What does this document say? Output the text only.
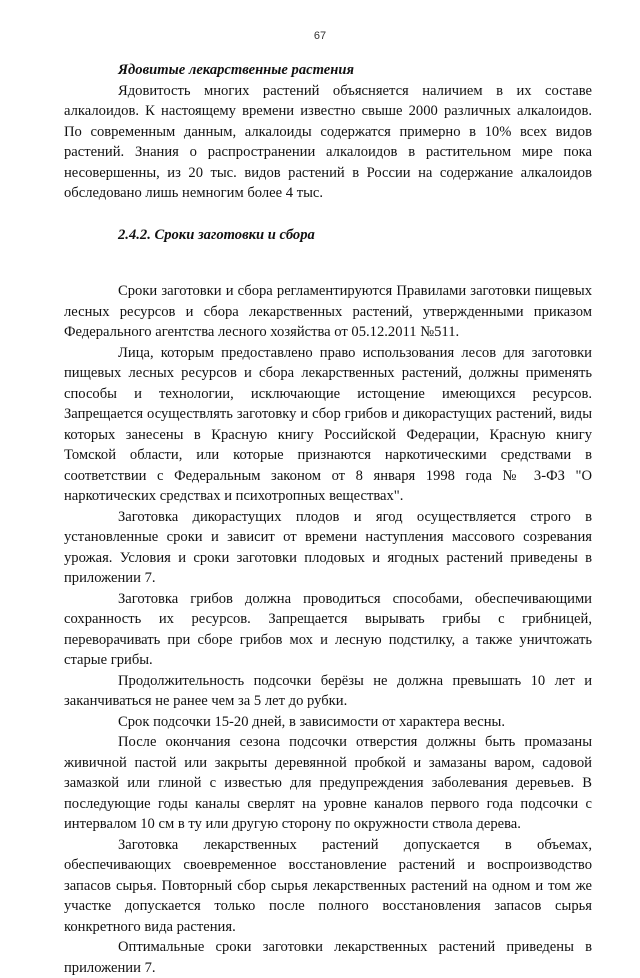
67
Ядовитые лекарственные растения

Ядовитость многих растений объясняется наличием в их составе алкалоидов. К настоящему времени известно свыше 2000 различных алкалоидов. По современным данным, алкалоиды содержатся примерно в 10% всех видов растений. Знания о распространении алкалоидов в растительном мире пока несовершенны, из 20 тыс. видов растений в России на содержание алкалоидов обследовано лишь немногим более 4 тыс.

2.4.2. Сроки заготовки и сбора

Сроки заготовки и сбора регламентируются Правилами заготовки пищевых лесных ресурсов и сбора лекарственных растений, утвержденными приказом Федерального агентства лесного хозяйства от 05.12.2011 №511.

Лица, которым предоставлено право использования лесов для заготовки пищевых лесных ресурсов и сбора лекарственных растений, должны применять способы и технологии, исключающие истощение имеющихся ресурсов. Запрещается осуществлять заготовку и сбор грибов и дикорастущих растений, виды которых занесены в Красную книгу Российской Федерации, Красную книгу Томской области, или которые признаются наркотическими средствами в соответствии с Федеральным законом от 8 января 1998 года № 3-ФЗ "О наркотических средствах и психотропных веществах".

Заготовка дикорастущих плодов и ягод осуществляется строго в установленные сроки и зависит от времени наступления массового созревания урожая. Условия и сроки заготовки плодовых и ягодных растений приведены в приложении 7.

Заготовка грибов должна проводиться способами, обеспечивающими сохранность их ресурсов. Запрещается вырывать грибы с грибницей, переворачивать при сборе грибов мох и лесную подстилку, а также уничтожать старые грибы.

Продолжительность подсочки берёзы не должна превышать 10 лет и заканчиваться не ранее чем за 5 лет до рубки.

Срок подсочки 15-20 дней, в зависимости от характера весны.

После окончания сезона подсочки отверстия должны быть промазаны живичной пастой или закрыты деревянной пробкой и замазаны варом, садовой замазкой или глиной с известью для предупреждения заболевания деревьев. В последующие годы каналы сверлят на уровне каналов первого года подсочки с интервалом 10 см в ту или другую сторону по окружности ствола дерева.

Заготовка лекарственных растений допускается в объемах, обеспечивающих своевременное восстановление растений и воспроизводство запасов сырья. Повторный сбор сырья лекарственных растений на одном и том же участке допускается только после полного восстановления запасов сырья конкретного вида растения.

Оптимальные сроки заготовки лекарственных растений приведены в приложении 7.
